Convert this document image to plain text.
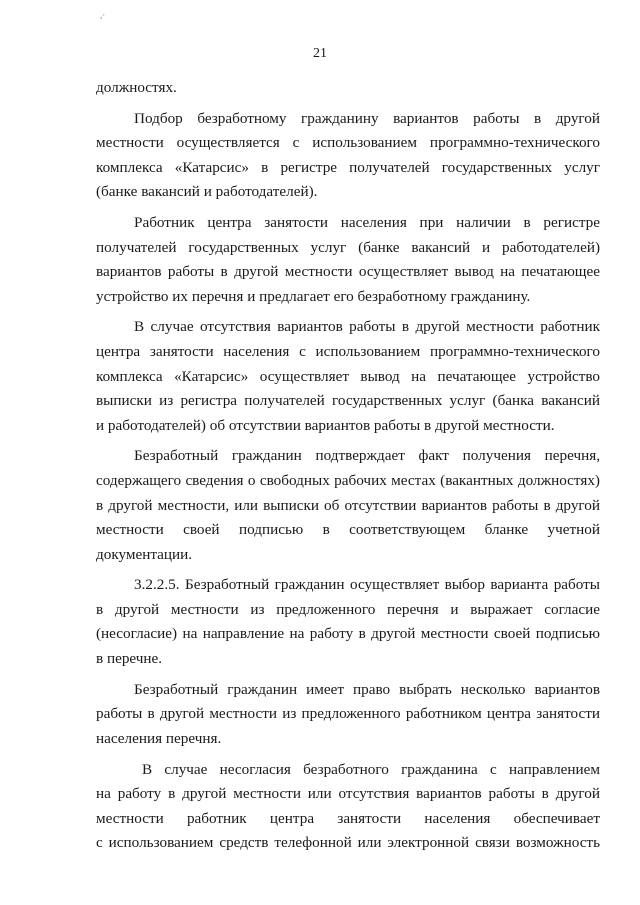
,·
21
должностях.
Подбор безработному гражданину вариантов работы в другой
местности осуществляется с использованием программно-технического
комплекса «Катарсис» в регистре получателей государственных услуг
(банке вакансий и работодателей).
Работник центра занятости населения при наличии в регистре
получателей государственных услуг (банке вакансий и работодателей)
вариантов работы в другой местности осуществляет вывод на печатающее
устройство их перечня и предлагает его безработному гражданину.
В случае отсутствия вариантов работы в другой местности работник
центра занятости населения с использованием программно-технического
комплекса «Катарсис» осуществляет вывод на печатающее устройство
выписки из регистра получателей государственных услуг (банка вакансий
и работодателей) об отсутствии вариантов работы в другой местности.
Безработный гражданин подтверждает факт получения перечня,
содержащего сведения о свободных рабочих местах (вакантных должностях)
в другой местности, или выписки об отсутствии вариантов работы в другой
местности своей подписью в соответствующем бланке учетной
документации.
3.2.2.5. Безработный гражданин осуществляет выбор варианта работы
в другой местности из предложенного перечня и выражает согласие
(несогласие) на направление на работу в другой местности своей подписью
в перечне.
Безработный гражданин имеет право выбрать несколько вариантов
работы в другой местности из предложенного работником центра занятости
населения перечня.
В случае несогласия безработного гражданина с направлением
на работу в другой местности или отсутствия вариантов работы в другой
местности работник центра занятости населения обеспечивает
с использованием средств телефонной или электронной связи возможность
